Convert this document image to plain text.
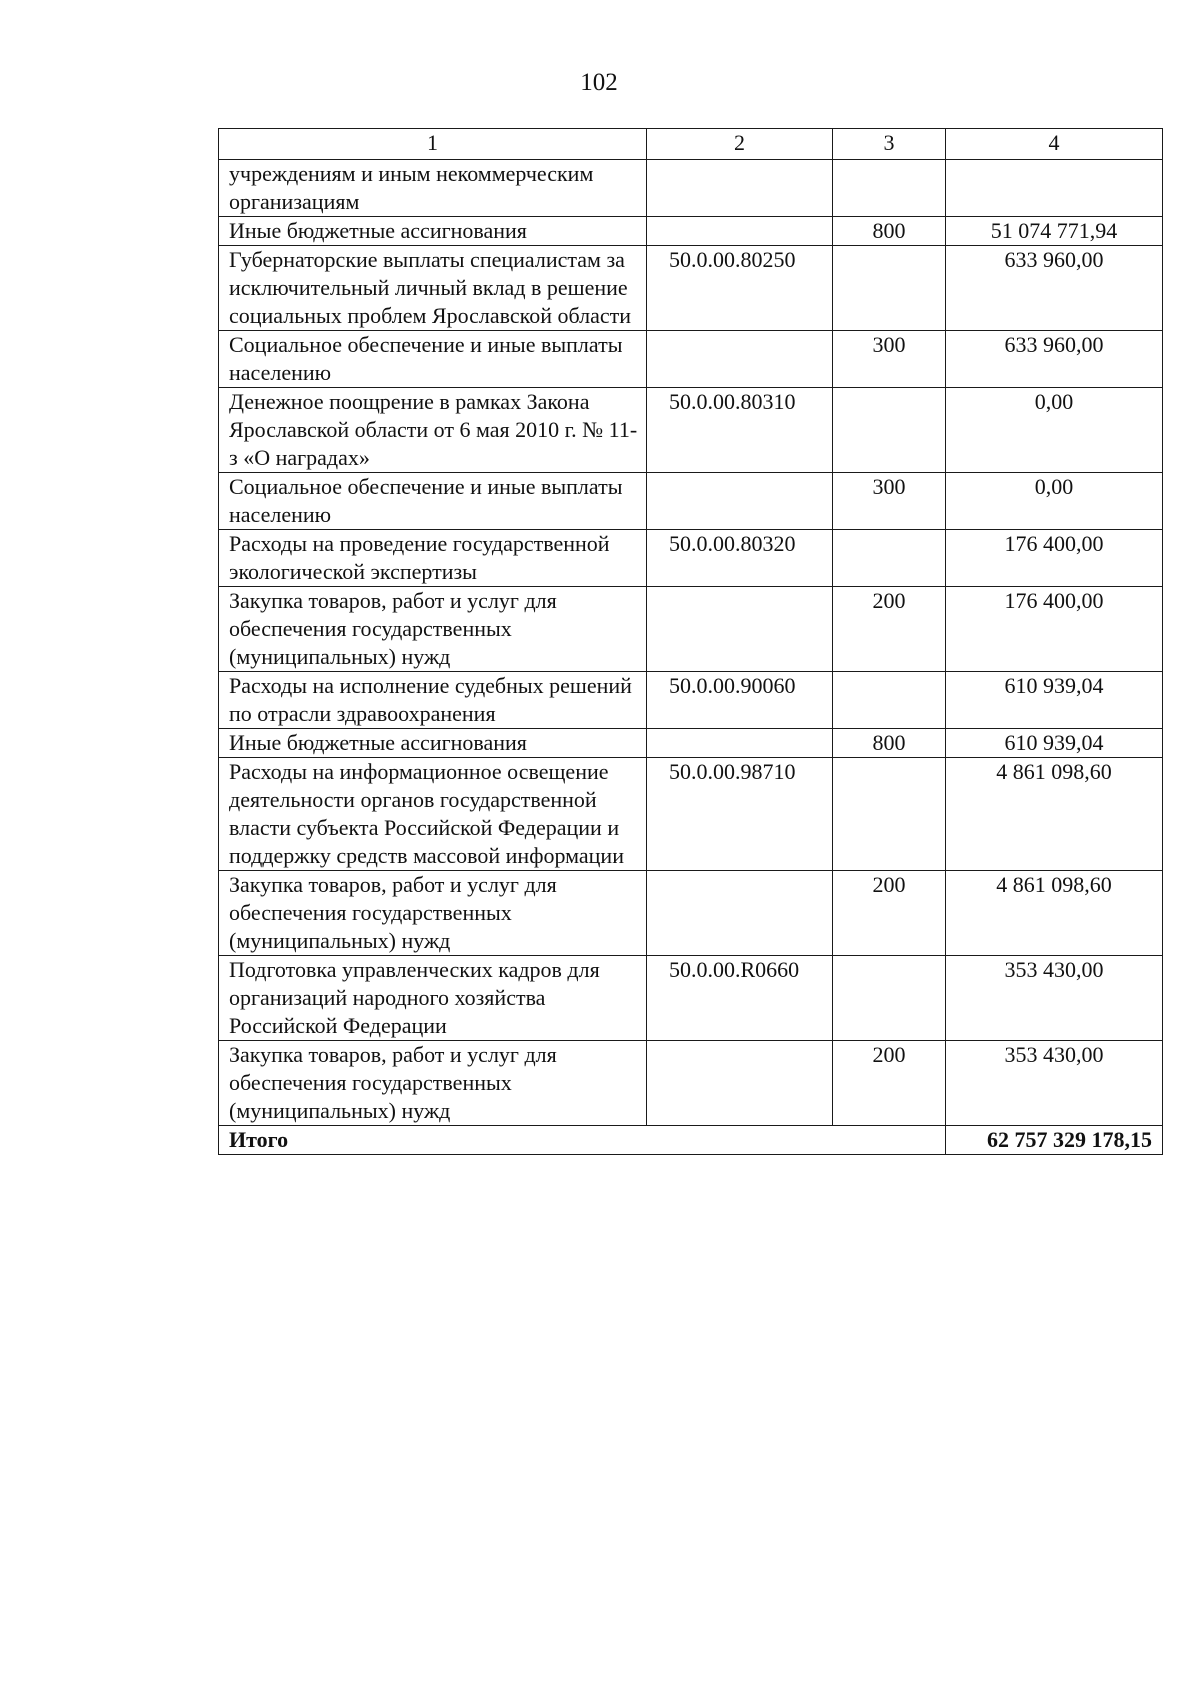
102
1	2	3	4
учреждениям и иным некоммерческим организациям			
Иные бюджетные ассигнования		800	51 074 771,94
Губернаторские выплаты специалистам за исключительный личный вклад в решение социальных проблем Ярославской области	50.0.00.80250		633 960,00
Социальное обеспечение и иные выплаты населению		300	633 960,00
Денежное поощрение в рамках Закона Ярославской области от 6 мая 2010 г. № 11-з «О наградах»	50.0.00.80310		0,00
Социальное обеспечение и иные выплаты населению		300	0,00
Расходы на проведение государственной экологической экспертизы	50.0.00.80320		176 400,00
Закупка товаров, работ и услуг для обеспечения государственных (муниципальных) нужд		200	176 400,00
Расходы на исполнение судебных решений по отрасли здравоохранения	50.0.00.90060		610 939,04
Иные бюджетные ассигнования		800	610 939,04
Расходы на информационное освещение деятельности органов государственной власти субъекта Российской Федерации и поддержку средств массовой информации	50.0.00.98710		4 861 098,60
Закупка товаров, работ и услуг для обеспечения государственных (муниципальных) нужд		200	4 861 098,60
Подготовка управленческих кадров для организаций народного хозяйства Российской Федерации	50.0.00.R0660		353 430,00
Закупка товаров, работ и услуг для обеспечения государственных (муниципальных) нужд		200	353 430,00
Итого			62 757 329 178,15
